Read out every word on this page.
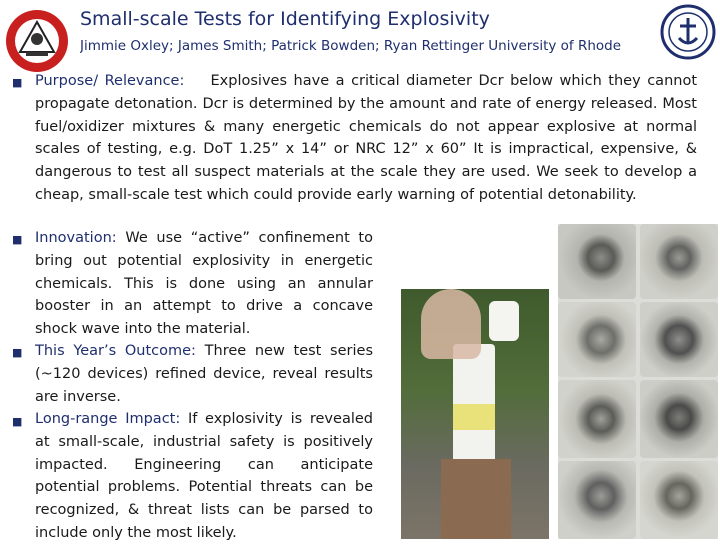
Small-scale Tests for Identifying Explosivity
Jimmie Oxley; James Smith; Patrick Bowden; Ryan Rettinger University of Rhode
■ Purpose/ Relevance: Explosives have a critical diameter Dcr below which they cannot propagate detonation. Dcr is determined by the amount and rate of energy released. Most fuel/oxidizer mixtures & many energetic chemicals do not appear explosive at normal scales of testing, e.g. DoT 1.25” x 14” or NRC 12” x 60” It is impractical, expensive, & dangerous to test all suspect materials at the scale they are used. We seek to develop a cheap, small-scale test which could provide early warning of potential detonability.
■ Innovation: We use “active” confinement to bring out potential explosivity in energetic chemicals. This is done using an annular booster in an attempt to drive a concave shock wave into the material.
■ This Year’s Outcome: Three new test series (~120 devices) refined device, reveal results are inverse.
■ Long-range Impact: If explosivity is revealed at small-scale, industrial safety is positively impacted. Engineering can anticipate potential problems. Potential threats can be recognized, & threat lists can be parsed to include only the most likely.
